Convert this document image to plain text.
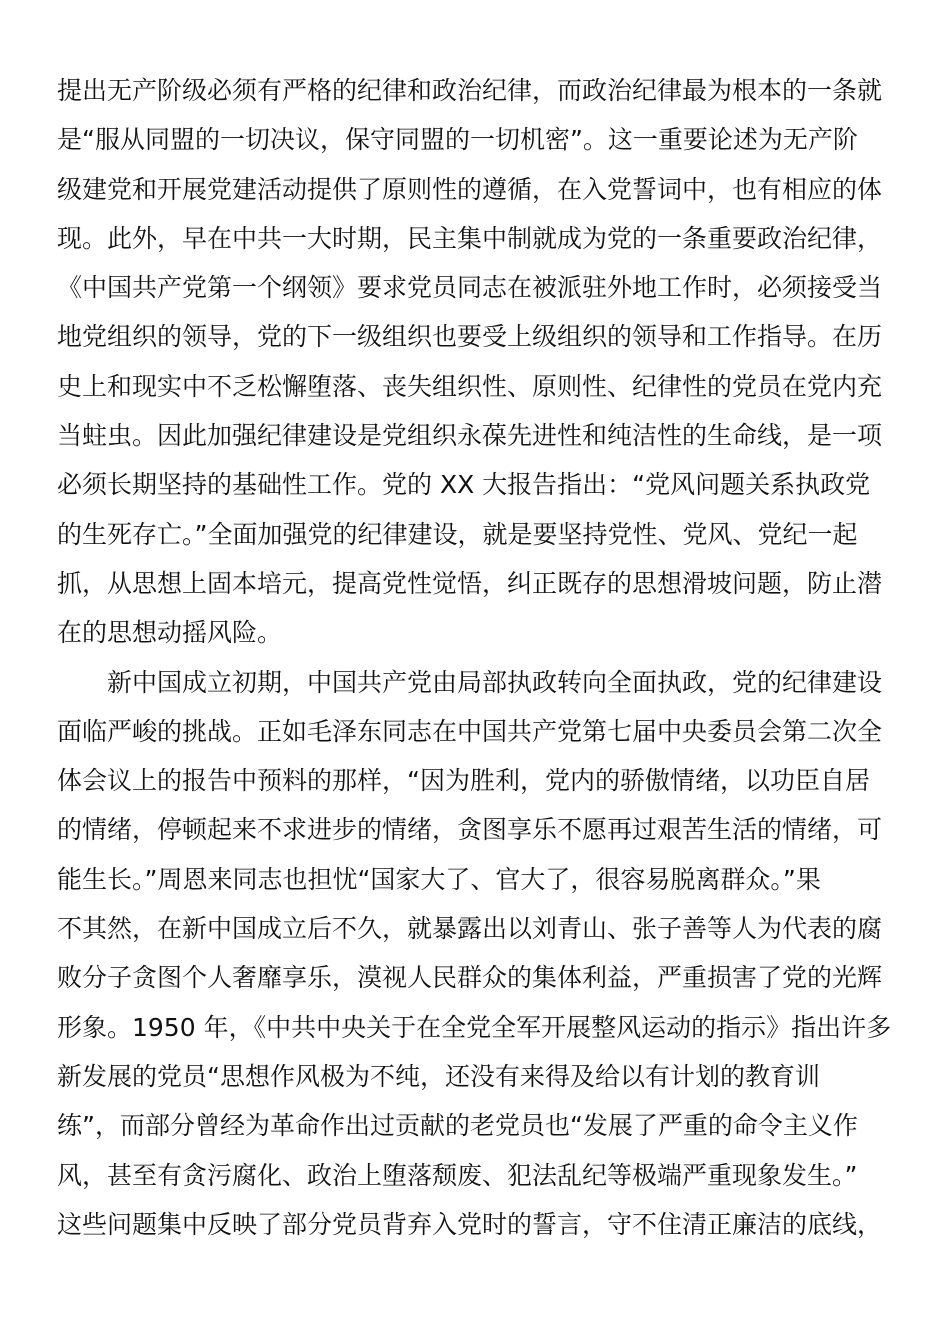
提出无产阶级必须有严格的纪律和政治纪律，而政治纪律最为根本的一条就
是“服从同盟的一切决议，保守同盟的一切机密”。这一重要论述为无产阶
级建党和开展党建活动提供了原则性的遵循，在入党誓词中，也有相应的体
现。此外，早在中共一大时期，民主集中制就成为党的一条重要政治纪律，
《中国共产党第一个纲领》要求党员同志在被派驻外地工作时，必须接受当
地党组织的领导，党的下一级组织也要受上级组织的领导和工作指导。在历
史上和现实中不乏松懈堕落、丧失组织性、原则性、纪律性的党员在党内充
当蛀虫。因此加强纪律建设是党组织永葆先进性和纯洁性的生命线，是一项
必须长期坚持的基础性工作。党的 XX 大报告指出：“党风问题关系执政党
的生死存亡。”全面加强党的纪律建设，就是要坚持党性、党风、党纪一起
抓，从思想上固本培元，提高党性觉悟，纠正既存的思想滑坡问题，防止潜
在的思想动摇风险。
新中国成立初期，中国共产党由局部执政转向全面执政，党的纪律建设
面临严峻的挑战。正如毛泽东同志在中国共产党第七届中央委员会第二次全
体会议上的报告中预料的那样，“因为胜利，党内的骄傲情绪，以功臣自居
的情绪，停顿起来不求进步的情绪，贪图享乐不愿再过艰苦生活的情绪，可
能生长。”周恩来同志也担忧“国家大了、官大了，很容易脱离群众。”果
不其然，在新中国成立后不久，就暴露出以刘青山、张子善等人为代表的腐
败分子贪图个人奢靡享乐，漠视人民群众的集体利益，严重损害了党的光辉
形象。1950 年，《中共中央关于在全党全军开展整风运动的指示》指出许多
新发展的党员“思想作风极为不纯，还没有来得及给以有计划的教育训
练”，而部分曾经为革命作出过贡献的老党员也“发展了严重的命令主义作
风，甚至有贪污腐化、政治上堕落颓废、犯法乱纪等极端严重现象发生。”
这些问题集中反映了部分党员背弃入党时的誓言，守不住清正廉洁的底线，
